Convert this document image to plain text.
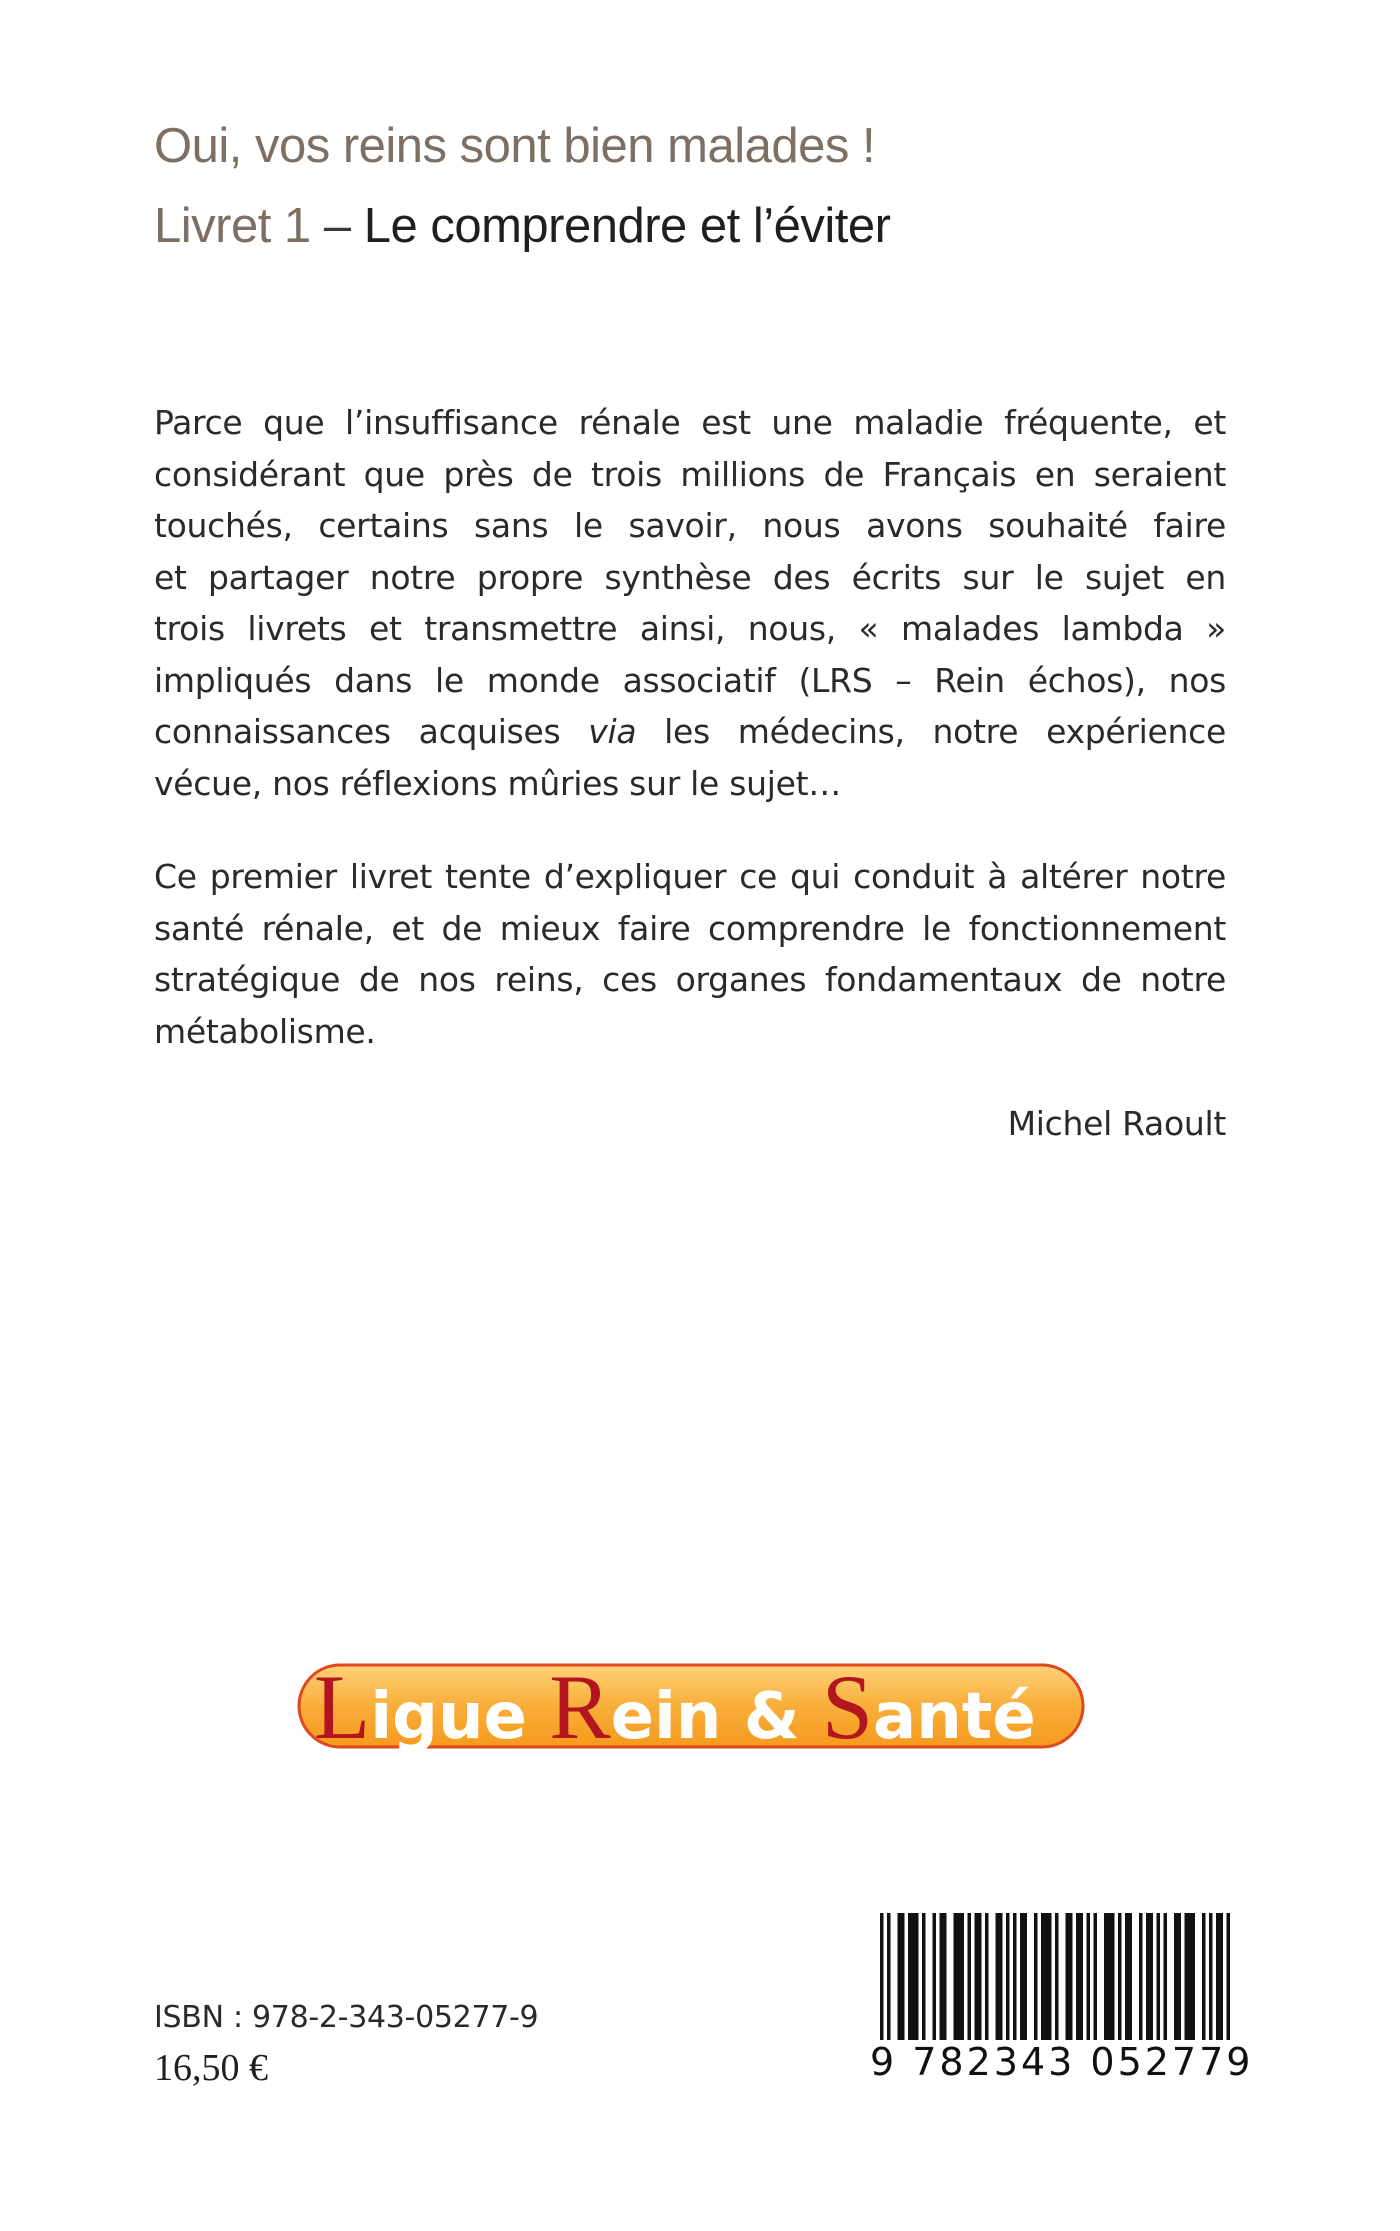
Oui, vos reins sont bien malades !
Livret 1 – Le comprendre et l’éviter
Parce que l’insuffisance rénale est une maladie fréquente, et
considérant que près de trois millions de Français en seraient
touchés, certains sans le savoir, nous avons souhaité faire
et partager notre propre synthèse des écrits sur le sujet en
trois livrets et transmettre ainsi, nous, « malades lambda »
impliqués dans le monde associatif (LRS – Rein échos), nos
connaissances acquises via les médecins, notre expérience
vécue, nos réflexions mûries sur le sujet…
Ce premier livret tente d’expliquer ce qui conduit à altérer notre
santé rénale, et de mieux faire comprendre le fonctionnement
stratégique de nos reins, ces organes fondamentaux de notre
métabolisme.
Michel Raoult
Ligue Rein & Santé
ISBN : 978-2-343-05277-9
16,50 €	9 782343 052779
